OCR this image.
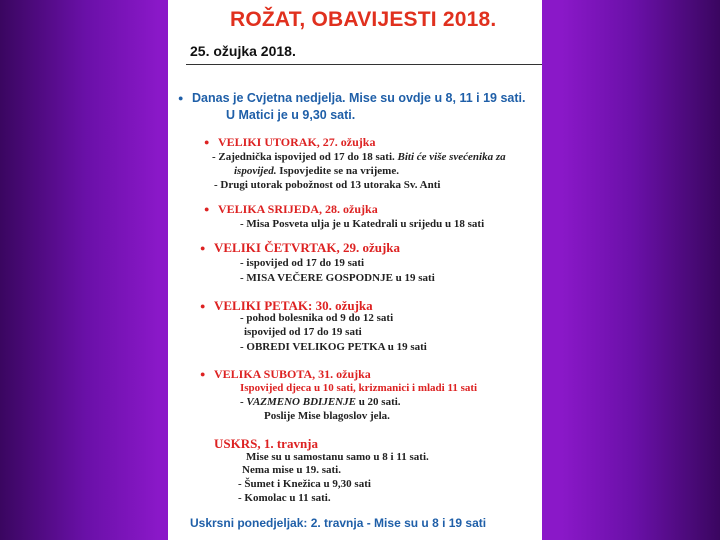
ROŽAT, OBAVIJESTI 2018.
25. ožujka 2018.
● Danas je Cvjetna nedjelja. Mise su ovdje u 8, 11 i 19 sati.
U Matici je u 9,30 sati.
● VELIKI UTORAK, 27. ožujka
- Zajednička ispovijed od 17 do 18 sati. Biti će više svećenika za
ispovijed. Ispovjedite se na vrijeme.
- Drugi utorak pobožnost od 13 utoraka Sv. Anti
● VELIKA SRIJEDA, 28. ožujka
- Misa Posveta ulja je u Katedrali u srijedu u 18 sati
● VELIKI ČETVRTAK, 29. ožujka
- ispovijed od 17 do 19 sati
- MISA VEČERE GOSPODNJE u 19 sati
● VELIKI PETAK: 30. ožujka
- pohod bolesnika od 9 do 12 sati
ispovijed od 17 do 19 sati
- OBREDI VELIKOG PETKA u 19 sati
● VELIKA SUBOTA, 31. ožujka
Ispovijed djeca u 10 sati, krizmanici i mladi 11 sati
- VAZMENO BDIJENJE u 20 sati.
Poslije Mise blagoslov jela.
USKRS, 1. travnja
Mise su u samostanu samo u 8 i 11 sati.
Nema mise u 19. sati.
- Šumet i Knežica u 9,30 sati
- Komolac u 11 sati.
Uskrsni ponedjeljak: 2. travnja - Mise su u 8 i 19 sati
